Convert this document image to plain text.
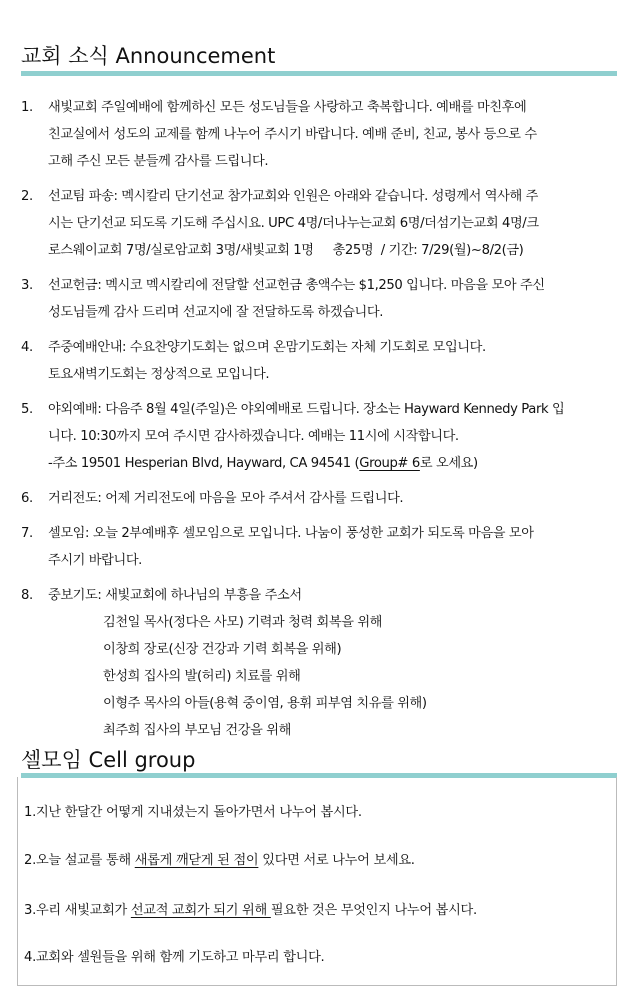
교회 소식 Announcement
1. 새빛교회 주일예배에 함께하신 모든 성도님들을 사랑하고 축복합니다. 예배를 마친후에
친교실에서 성도의 교제를 함께 나누어 주시기 바랍니다. 예배 준비, 친교, 봉사 등으로 수
고해 주신 모든 분들께 감사를 드립니다.
2. 선교팀 파송: 멕시칼리 단기선교 참가교회와 인원은 아래와 같습니다. 성령께서 역사해 주
시는 단기선교 되도록 기도해 주십시요. UPC 4명/더나누는교회 6명/더섬기는교회 4명/크
로스웨이교회 7명/실로암교회 3명/새빛교회 1명     총25명  / 기간: 7/29(월)~8/2(금)
3. 선교헌금: 멕시코 멕시칼리에 전달할 선교헌금 총액수는 $1,250 입니다. 마음을 모아 주신
성도님들께 감사 드리며 선교지에 잘 전달하도록 하겠습니다.
4. 주중예배안내: 수요찬양기도회는 없으며 온맘기도회는 자체 기도회로 모입니다.
토요새벽기도회는 정상적으로 모입니다.
5. 야외예배: 다음주 8월 4일(주일)은 야외예배로 드립니다. 장소는 Hayward Kennedy Park 입
니다. 10:30까지 모여 주시면 감사하겠습니다. 예배는 11시에 시작합니다.
-주소 19501 Hesperian Blvd, Hayward, CA 94541 (Group# 6로 오세요)
6. 거리전도: 어제 거리전도에 마음을 모아 주셔서 감사를 드립니다.
7. 셀모임: 오늘 2부예배후 셀모임으로 모입니다. 나눔이 풍성한 교회가 되도록 마음을 모아
주시기 바랍니다.
8. 중보기도: 새빛교회에 하나님의 부흥을 주소서
김천일 목사(정다은 사모) 기력과 청력 회복을 위해
이창희 장로(신장 건강과 기력 회복을 위해)
한성희 집사의 발(허리) 치료를 위해
이형주 목사의 아들(용혁 중이염, 용휘 피부염 치유를 위해)
최주희 집사의 부모님 건강을 위해
셀모임 Cell group
1.지난 한달간 어떻게 지내셨는지 돌아가면서 나누어 봅시다.
2.오늘 설교를 통해 새롭게 깨닫게 된 점이 있다면 서로 나누어 보세요.
3.우리 새빛교회가 선교적 교회가 되기 위해 필요한 것은 무엇인지 나누어 봅시다.
4.교회와 셀원들을 위해 함께 기도하고 마무리 합니다.
